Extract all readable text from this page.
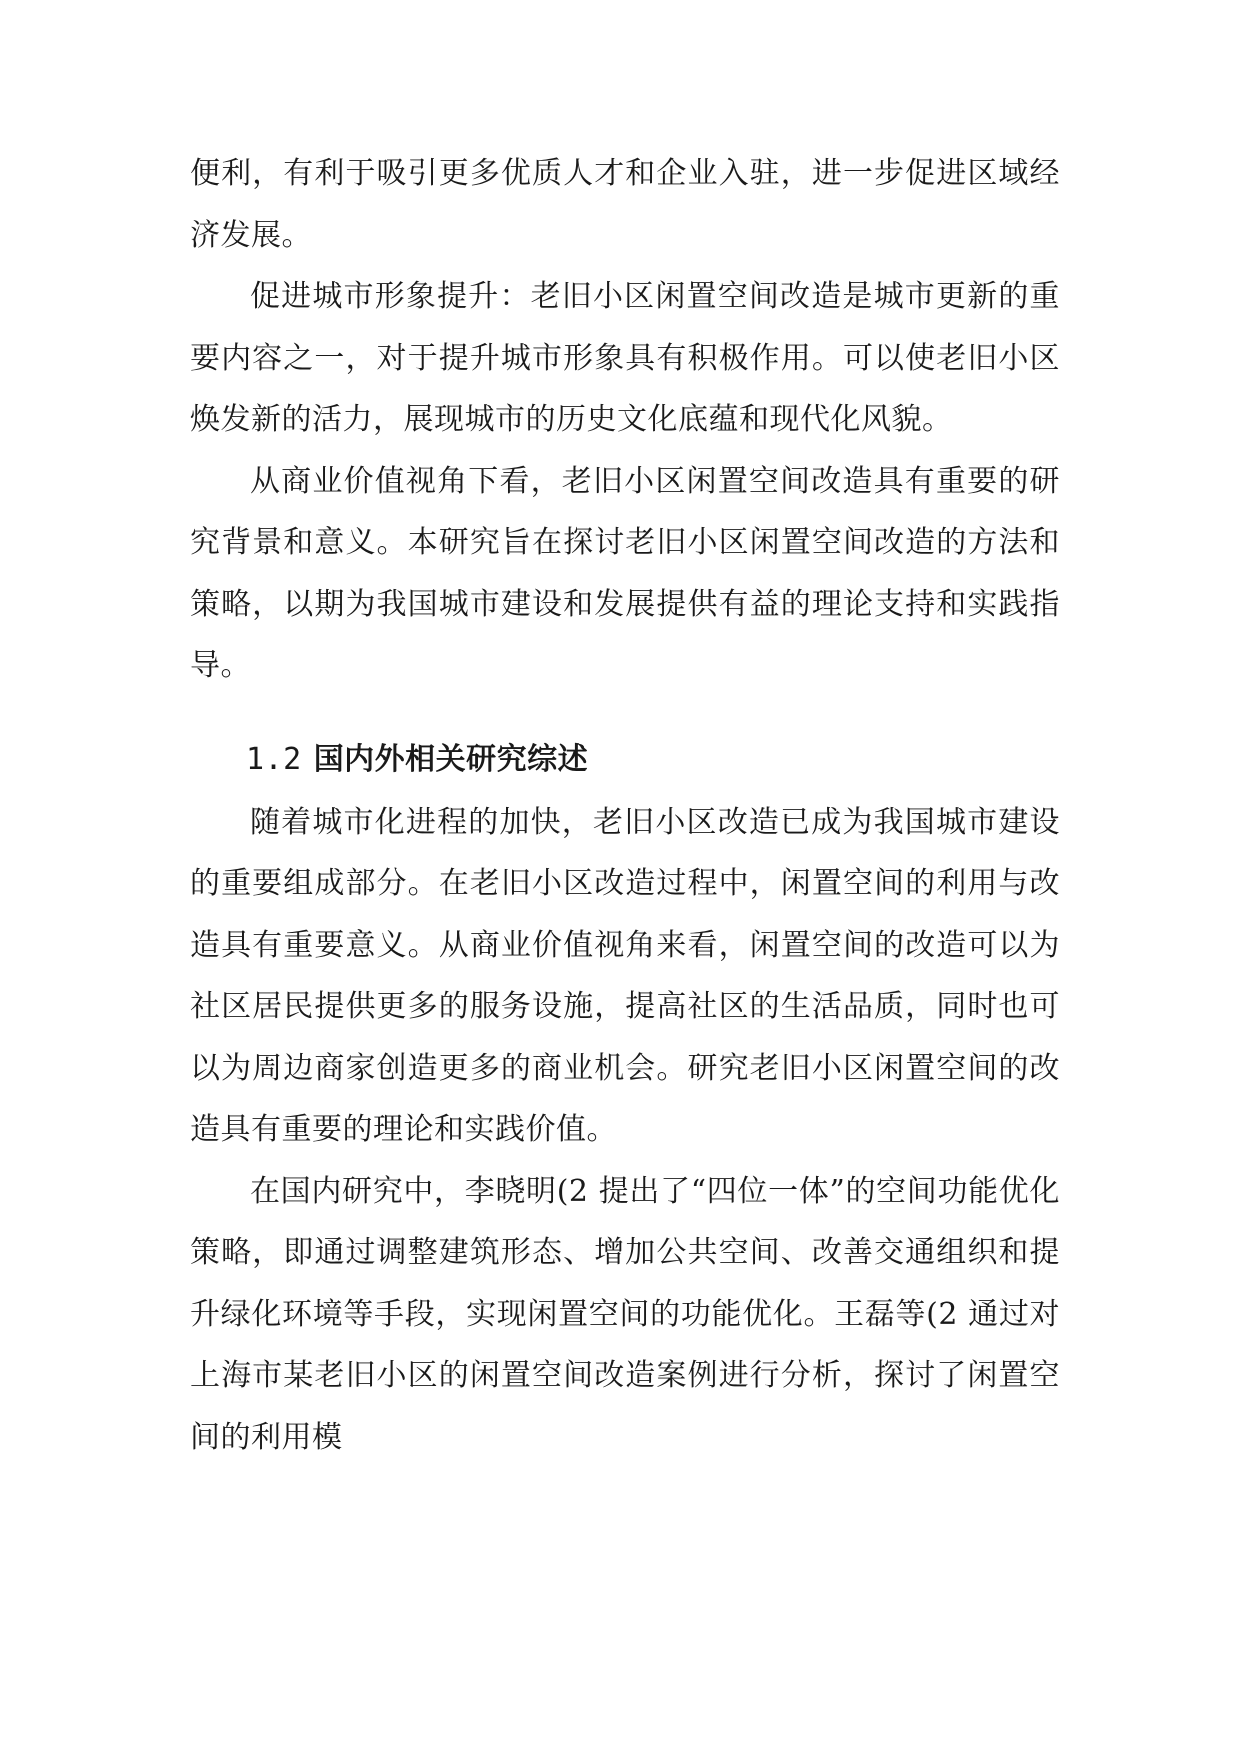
便利，有利于吸引更多优质人才和企业入驻，进一步促进区域经济发展。

促进城市形象提升：老旧小区闲置空间改造是城市更新的重要内容之一，对于提升城市形象具有积极作用。可以使老旧小区焕发新的活力，展现城市的历史文化底蕴和现代化风貌。

从商业价值视角下看，老旧小区闲置空间改造具有重要的研究背景和意义。本研究旨在探讨老旧小区闲置空间改造的方法和策略，以期为我国城市建设和发展提供有益的理论支持和实践指导。

1.2 国内外相关研究综述

随着城市化进程的加快，老旧小区改造已成为我国城市建设的重要组成部分。在老旧小区改造过程中，闲置空间的利用与改造具有重要意义。从商业价值视角来看，闲置空间的改造可以为社区居民提供更多的服务设施，提高社区的生活品质，同时也可以为周边商家创造更多的商业机会。研究老旧小区闲置空间的改造具有重要的理论和实践价值。

在国内研究中，李晓明(2 提出了“四位一体”的空间功能优化策略，即通过调整建筑形态、增加公共空间、改善交通组织和提升绿化环境等手段，实现闲置空间的功能优化。王磊等(2 通过对上海市某老旧小区的闲置空间改造案例进行分析，探讨了闲置空间的利用模
